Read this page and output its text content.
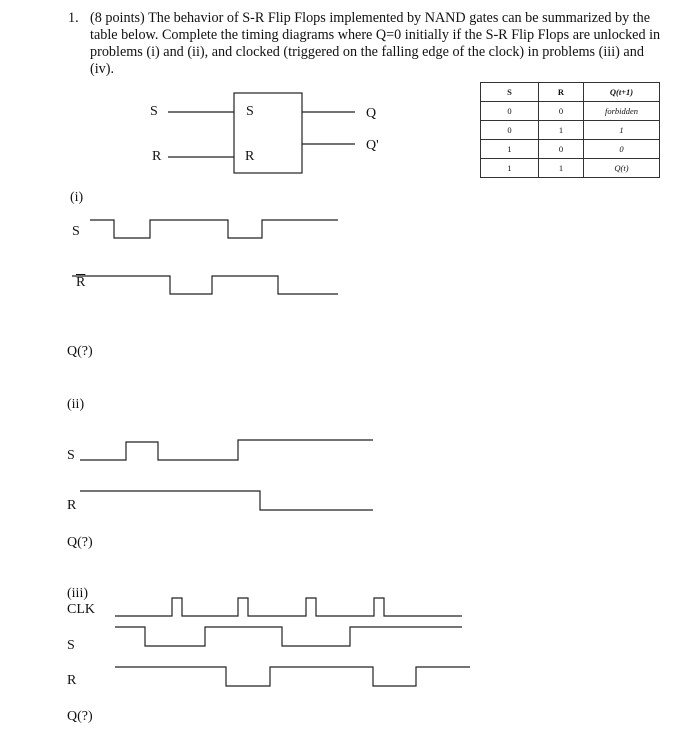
1. (8 points) The behavior of S-R Flip Flops implemented by NAND gates can be summarized by the table below. Complete the timing diagrams where Q=0 initially if the S-R Flip Flops are unlocked in problems (i) and (ii), and clocked (triggered on the falling edge of the clock) in problems (iii) and (iv).
S
R
S
R
Q
Q'
S	R	Q(t+1)
0	0	forbidden
0	1	1
1	0	0
1	1	Q(t)
(i)
S
$\overline{R}$
Q(?)
(ii)
S
R
Q(?)
(iii)
CLK
S
R
Q(?)
